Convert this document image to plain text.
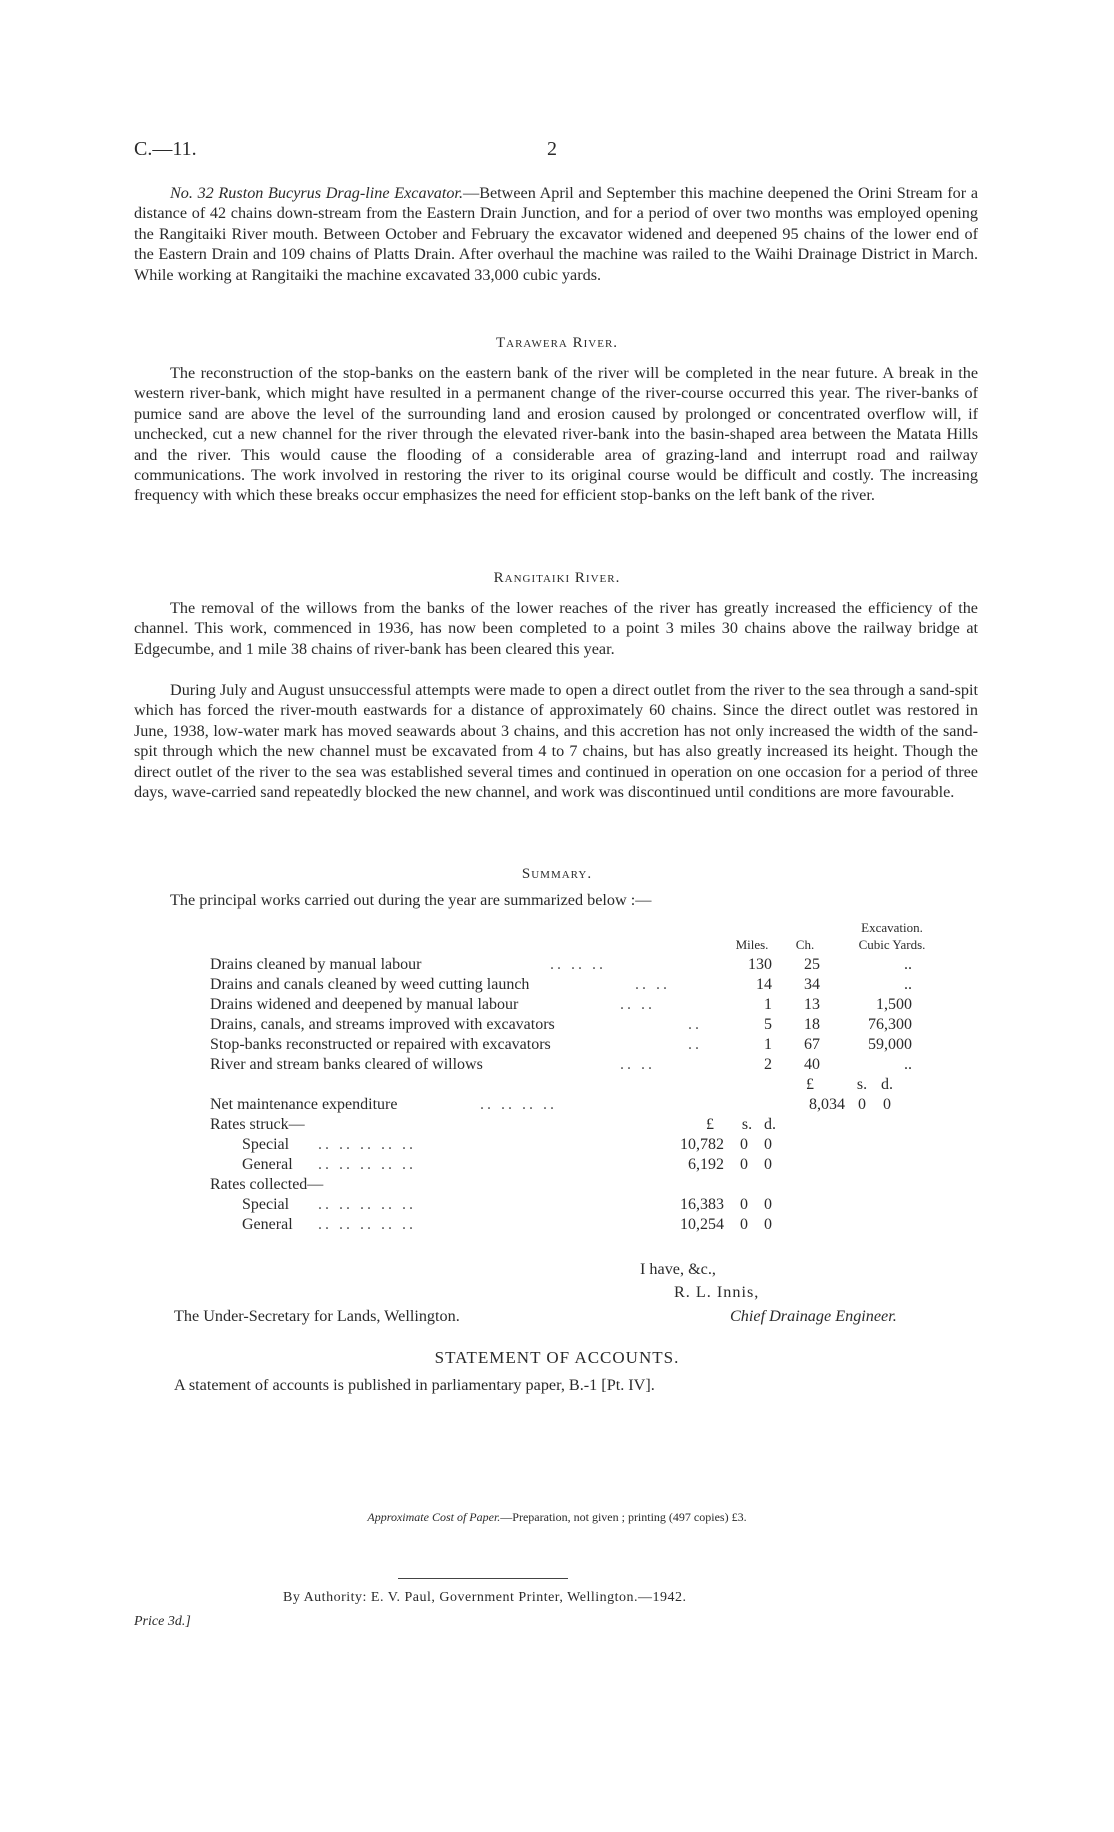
C.—11.	2

No. 32 Ruston Bucyrus Drag-line Excavator.—Between April and September this machine deepened the Orini Stream for a distance of 42 chains down-stream from the Eastern Drain Junction, and for a period of over two months was employed opening the Rangitaiki River mouth. Between October and February the excavator widened and deepened 95 chains of the lower end of the Eastern Drain and 109 chains of Platts Drain. After overhaul the machine was railed to the Waihi Drainage District in March. While working at Rangitaiki the machine excavated 33,000 cubic yards.

Tarawera River.

The reconstruction of the stop-banks on the eastern bank of the river will be completed in the near future. A break in the western river-bank, which might have resulted in a permanent change of the river-course occurred this year. The river-banks of pumice sand are above the level of the surrounding land and erosion caused by prolonged or concentrated overflow will, if unchecked, cut a new channel for the river through the elevated river-bank into the basin-shaped area between the Matata Hills and the river. This would cause the flooding of a considerable area of grazing-land and interrupt road and railway communications. The work involved in restoring the river to its original course would be difficult and costly. The increasing frequency with which these breaks occur emphasizes the need for efficient stop-banks on the left bank of the river.

Rangitaiki River.

The removal of the willows from the banks of the lower reaches of the river has greatly increased the efficiency of the channel. This work, commenced in 1936, has now been completed to a point 3 miles 30 chains above the railway bridge at Edgecumbe, and 1 mile 38 chains of river-bank has been cleared this year.

During July and August unsuccessful attempts were made to open a direct outlet from the river to the sea through a sand-spit which has forced the river-mouth eastwards for a distance of approximately 60 chains. Since the direct outlet was restored in June, 1938, low-water mark has moved seawards about 3 chains, and this accretion has not only increased the width of the sand-spit through which the new channel must be excavated from 4 to 7 chains, but has also greatly increased its height. Though the direct outlet of the river to the sea was established several times and continued in operation on one occasion for a period of three days, wave-carried sand repeatedly blocked the new channel, and work was discontinued until conditions are more favourable.

Summary.
The principal works carried out during the year are summarized below :—
Excavation.
Miles.	Ch.	Cubic Yards.
Drains cleaned by manual labour	.. .. ..	130	25	..
Drains and canals cleaned by weed cutting launch	.. ..	14	34	..
Drains widened and deepened by manual labour	.. ..	1	13	1,500
Drains, canals, and streams improved with excavators	..	5	18	76,300
Stop-banks reconstructed or repaired with excavators	..	1	67	59,000
River and stream banks cleared of willows	.. ..	2	40	..
£	s. d.
Net maintenance expenditure	.. .. .. ..	8,034 0	0
Rates struck—	£	s. d.
Special .. .. .. .. ..	10,782	0	0
General .. .. .. .. ..	6,192	0	0
Rates collected—
Special .. .. .. .. ..	16,383	0	0
General .. .. .. .. ..	10,254	0	0
I have, &c.,
R. L. Innis,
The Under-Secretary for Lands, Wellington.	Chief Drainage Engineer.
STATEMENT OF ACCOUNTS.
A statement of accounts is published in parliamentary paper, B.-1 [Pt. IV].
Approximate Cost of Paper.—Preparation, not given ; printing (497 copies) £3.
By Authority: E. V. Paul, Government Printer, Wellington.—1942.
Price 3d.]
